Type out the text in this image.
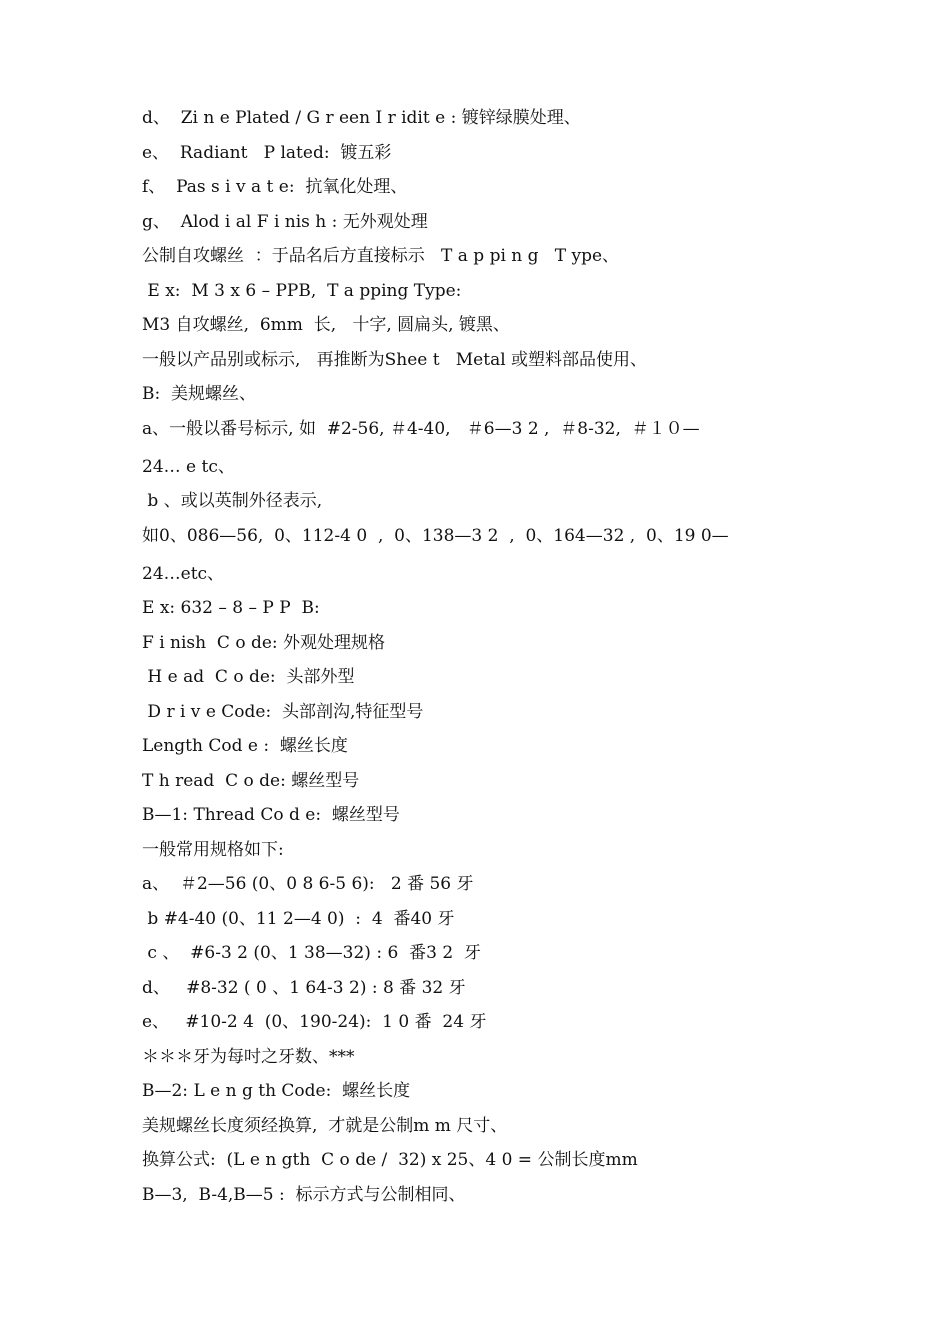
d、  Zi n e Plated / G r een I r idit e : 镀锌绿膜处理、
e、  Radiant   P lated:  镀五彩
f、  Pas s i v a t e:  抗氧化处理、
g、  Alod i al F i nis h : 无外观处理
公制自攻螺丝  ：于品名后方直接标示   T a p pi n g   T ype、
E x:  M 3 x 6 – PPB,  T a pping Type:
M3 自攻螺丝,  6mm  长,   十字, 圆扁头, 镀黑、
一般以产品别或标示,   再推断为Shee t   Metal 或塑料部品使用、
B:  美规螺丝、
a、一般以番号标示, 如  #2-56, ＃4-40,   ＃6—3 2 ,  ＃8-32,  ＃１０—
24… e tc、
b 、或以英制外径表示,
如0、086—56,  0、112-4 0  ,  0、138—3 2  ,  0、164—32 ,  0、19 0—
24…etc、
E x: 632 – 8 – P P  B:
F i nish  C o de: 外观处理规格
H e ad  C o de:  头部外型
D r i v e Code:  头部剖沟,特征型号
Length Cod e :  螺丝长度
T h read  C o de: 螺丝型号
B—1: Thread Co d e:  螺丝型号
一般常用规格如下:
a、  ＃2—56 (0、0 8 6-5 6):   2 番 56 牙
b #4-40 (0、11 2—4 0)  :  4  番40 牙
c 、  #6-3 2 (0、1 38—32) : 6  番3 2  牙
d、   #8-32 ( 0 、1 64-3 2) : 8 番 32 牙
e、   #10-2 4  (0、190-24):  1 0 番  24 牙
＊＊＊牙为每吋之牙数、***
B—2: L e n g th Code:  螺丝长度
美规螺丝长度须经换算,  才就是公制m m 尺寸、
换算公式:  (L e n gth  C o de /  32) x 25、4 0 = 公制长度mm
B—3,  B-4,B—5 :  标示方式与公制相同、
